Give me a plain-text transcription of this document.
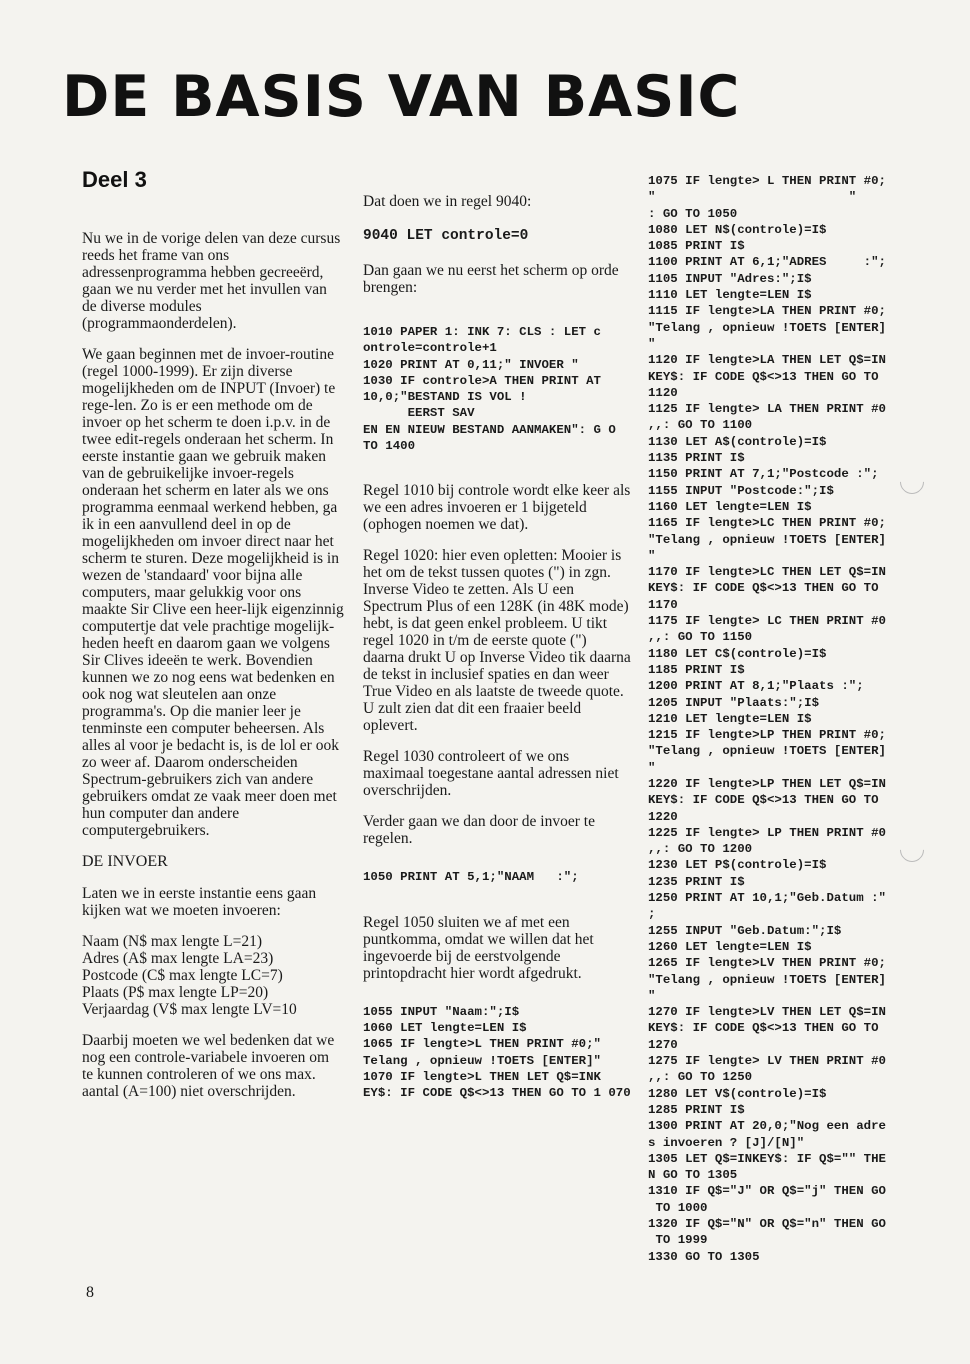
DE BASIS VAN BASIC
Deel 3

Nu we in de vorige delen van deze cursus reeds het frame van ons adressenprogramma hebben gecreeërd, gaan we nu verder met het invullen van de diverse modules (programmaonderdelen).

We gaan beginnen met de invoer-routine (regel 1000-1999). Er zijn diverse mogelijkheden om de INPUT (Invoer) te rege-len. Zo is er een methode om de invoer op het scherm te doen i.p.v. in de twee edit-regels onderaan het scherm. In eerste instantie gaan we gebruik maken van de gebruikelijke invoer-regels onderaan het scherm en later als we ons programma eenmaal werkend hebben, ga ik in een aanvullend deel in op de mogelijkheden om invoer direct naar het scherm te sturen. Deze mogelijkheid is in wezen de 'standaard' voor bijna alle computers, maar gelukkig voor ons maakte Sir Clive een heer-lijk eigenzinnig computertje dat vele prachtige mogelijk-heden heeft en daarom gaan we volgens Sir Clives ideeën te werk. Bovendien kunnen we zo nog eens wat bedenken en ook nog wat sleutelen aan onze programma's. Op die manier leer je tenminste een computer beheersen. Als alles al voor je bedacht is, is de lol er ook zo weer af. Daarom onderscheiden Spectrum-gebruikers zich van andere gebruikers omdat ze vaak meer doen met hun computer dan andere computergebruikers.

DE INVOER

Laten we in eerste instantie eens gaan kijken wat we moeten invoeren:

Naam (N$ max lengte L=21)
Adres (A$ max lengte LA=23)
Postcode (C$ max lengte LC=7)
Plaats (P$ max lengte LP=20)
Verjaardag (V$ max lengte LV=10

Daarbij moeten we wel bedenken dat we nog een controle-variabele invoeren om te kunnen controleren of we ons max. aantal (A=100) niet overschrijden.

Dat doen we in regel 9040:

9040 LET controle=0

Dan gaan we nu eerst het scherm op orde brengen:

1010 PAPER 1: INK 7: CLS : LET c ontrole=controle+1
1020 PRINT AT 0,11;" INVOER "
1030 IF controle>A THEN PRINT AT 10,0;"BESTAND IS VOL !
EERST SAV
EN EN NIEUW BESTAND AANMAKEN": G O TO 1400

Regel 1010 bij controle wordt elke keer als we een adres invoeren er 1 bijgeteld (ophogen noemen we dat).

Regel 1020: hier even opletten: Mooier is het om de tekst tussen quotes (") in zgn. Inverse Video te zetten. Als U een Spectrum Plus of een 128K (in 48K mode) hebt, is dat geen enkel probleem. U tikt regel 1020 in t/m de eerste quote (") daarna drukt U op Inverse Video tik daarna de tekst in inclusief spaties en dan weer True Video en als laatste de tweede quote. U zult zien dat dit een fraaier beeld oplevert.

Regel 1030 controleert of we ons maximaal toegestane aantal adressen niet overschrijden.

Verder gaan we dan door de invoer te regelen.

1050 PRINT AT 5,1;"NAAM   :";

Regel 1050 sluiten we af met een puntkomma, omdat we willen dat het ingevoerde bij de eerstvolgende printopdracht hier wordt afgedrukt.

1055 INPUT "Naam:";I$
1060 LET lengte=LEN I$
1065 IF lengte>L THEN PRINT #0;" Telang , opnieuw !TOETS [ENTER]"
1070 IF lengte>L THEN LET Q$=INK EY$: IF CODE Q$<>13 THEN GO TO 1 070

1075 IF lengte> L THEN PRINT #0;
"                          "
: GO TO 1050
1080 LET N$(controle)=I$
1085 PRINT I$
1100 PRINT AT 6,1;"ADRES     :";
1105 INPUT "Adres:";I$
1110 LET lengte=LEN I$
1115 IF lengte>LA THEN PRINT #0;
"Telang , opnieuw !TOETS [ENTER]
"
1120 IF lengte>LA THEN LET Q$=IN
KEY$: IF CODE Q$<>13 THEN GO TO
1120
1125 IF lengte> LA THEN PRINT #0
,,: GO TO 1100
1130 LET A$(controle)=I$
1135 PRINT I$
1150 PRINT AT 7,1;"Postcode :";
1155 INPUT "Postcode:";I$
1160 LET lengte=LEN I$
1165 IF lengte>LC THEN PRINT #0;
"Telang , opnieuw !TOETS [ENTER]
"
1170 IF lengte>LC THEN LET Q$=IN
KEY$: IF CODE Q$<>13 THEN GO TO
1170
1175 IF lengte> LC THEN PRINT #0
,,: GO TO 1150
1180 LET C$(controle)=I$
1185 PRINT I$
1200 PRINT AT 8,1;"Plaats :";
1205 INPUT "Plaats:";I$
1210 LET lengte=LEN I$
1215 IF lengte>LP THEN PRINT #0;
"Telang , opnieuw !TOETS [ENTER]
"
1220 IF lengte>LP THEN LET Q$=IN
KEY$: IF CODE Q$<>13 THEN GO TO
1220
1225 IF lengte> LP THEN PRINT #0
,,: GO TO 1200
1230 LET P$(controle)=I$
1235 PRINT I$
1250 PRINT AT 10,1;"Geb.Datum :"
;
1255 INPUT "Geb.Datum:";I$
1260 LET lengte=LEN I$
1265 IF lengte>LV THEN PRINT #0;
"Telang , opnieuw !TOETS [ENTER]
"
1270 IF lengte>LV THEN LET Q$=IN
KEY$: IF CODE Q$<>13 THEN GO TO
1270
1275 IF lengte> LV THEN PRINT #0
,,: GO TO 1250
1280 LET V$(controle)=I$
1285 PRINT I$
1300 PRINT AT 20,0;"Nog een adre
s invoeren ? [J]/[N]"
1305 LET Q$=INKEY$: IF Q$="" THE
N GO TO 1305
1310 IF Q$="J" OR Q$="j" THEN GO
TO 1000
1320 IF Q$="N" OR Q$="n" THEN GO
TO 1999
1330 GO TO 1305

8
